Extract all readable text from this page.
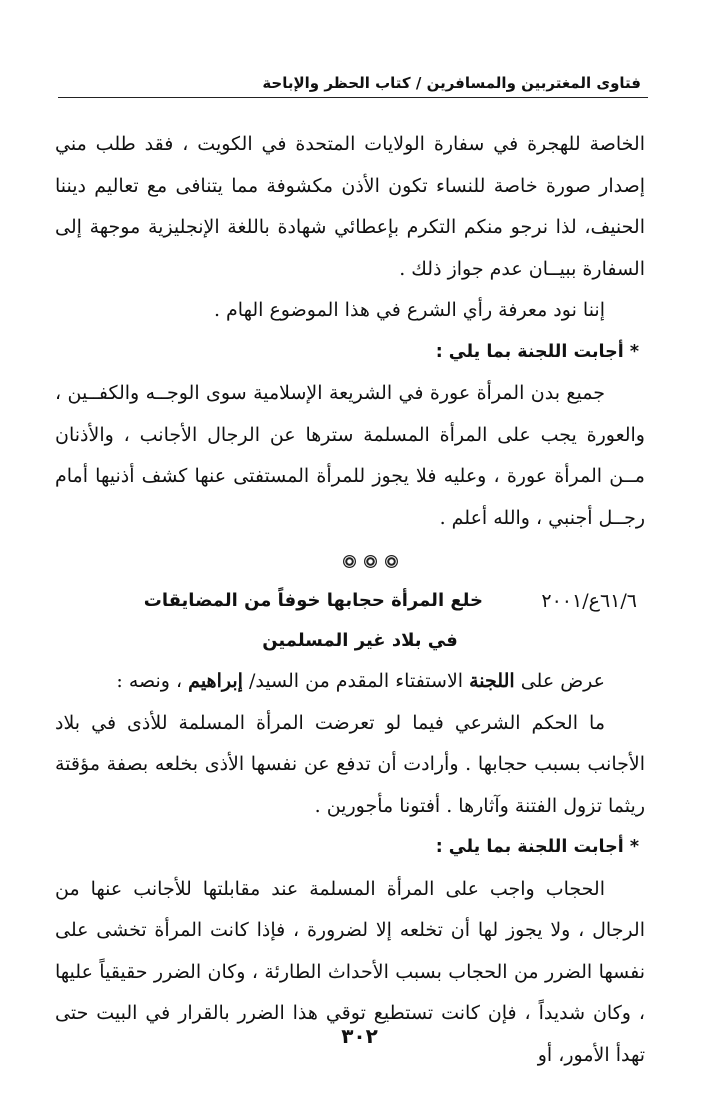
فتاوى المغتربين والمسافرين / كتاب الحظر والإباحة

الخاصة للهجرة في سفارة الولايات المتحدة في الكويت ، فقد طلب مني إصدار صورة خاصة للنساء تكون الأذن مكشوفة مما يتنافى مع تعاليم ديننا الحنيف، لذا نرجو منكم التكرم بإعطائي شهادة باللغة الإنجليزية موجهة إلى السفارة ببيــان عدم جواز ذلك .

إننا نود معرفة رأي الشرع في هذا الموضوع الهام .

* أجابت اللجنة بما يلي :

جميع بدن المرأة عورة في الشريعة الإسلامية سوى الوجــه والكفــين ، والعورة يجب على المرأة المسلمة سترها عن الرجال الأجانب ، والأذنان مــن المرأة عورة ، وعليه فلا يجوز للمرأة المستفتى عنها كشف أذنيها أمام رجــل أجنبي ، والله أعلم .

٦١/٦ع/٢٠٠١
خلع المرأة حجابها خوفاً من المضايقات
في بلاد غير المسلمين

عرض على اللجنة الاستفتاء المقدم من السيد/ إبراهيم ، ونصه :

ما الحكم الشرعي فيما لو تعرضت المرأة المسلمة للأذى في بلاد الأجانب بسبب حجابها . وأرادت أن تدفع عن نفسها الأذى بخلعه بصفة مؤقتة ريثما تزول الفتنة وآثارها . أفتونا مأجورين .

* أجابت اللجنة بما يلي :

الحجاب واجب على المرأة المسلمة عند مقابلتها للأجانب عنها من الرجال ، ولا يجوز لها أن تخلعه إلا لضرورة ، فإذا كانت المرأة تخشى على نفسها الضرر من الحجاب بسبب الأحداث الطارئة ، وكان الضرر حقيقياً عليها ، وكان شديداً ، فإن كانت تستطيع توقي هذا الضرر بالقرار في البيت حتى تهدأ الأمور، أو

٣٠٢
